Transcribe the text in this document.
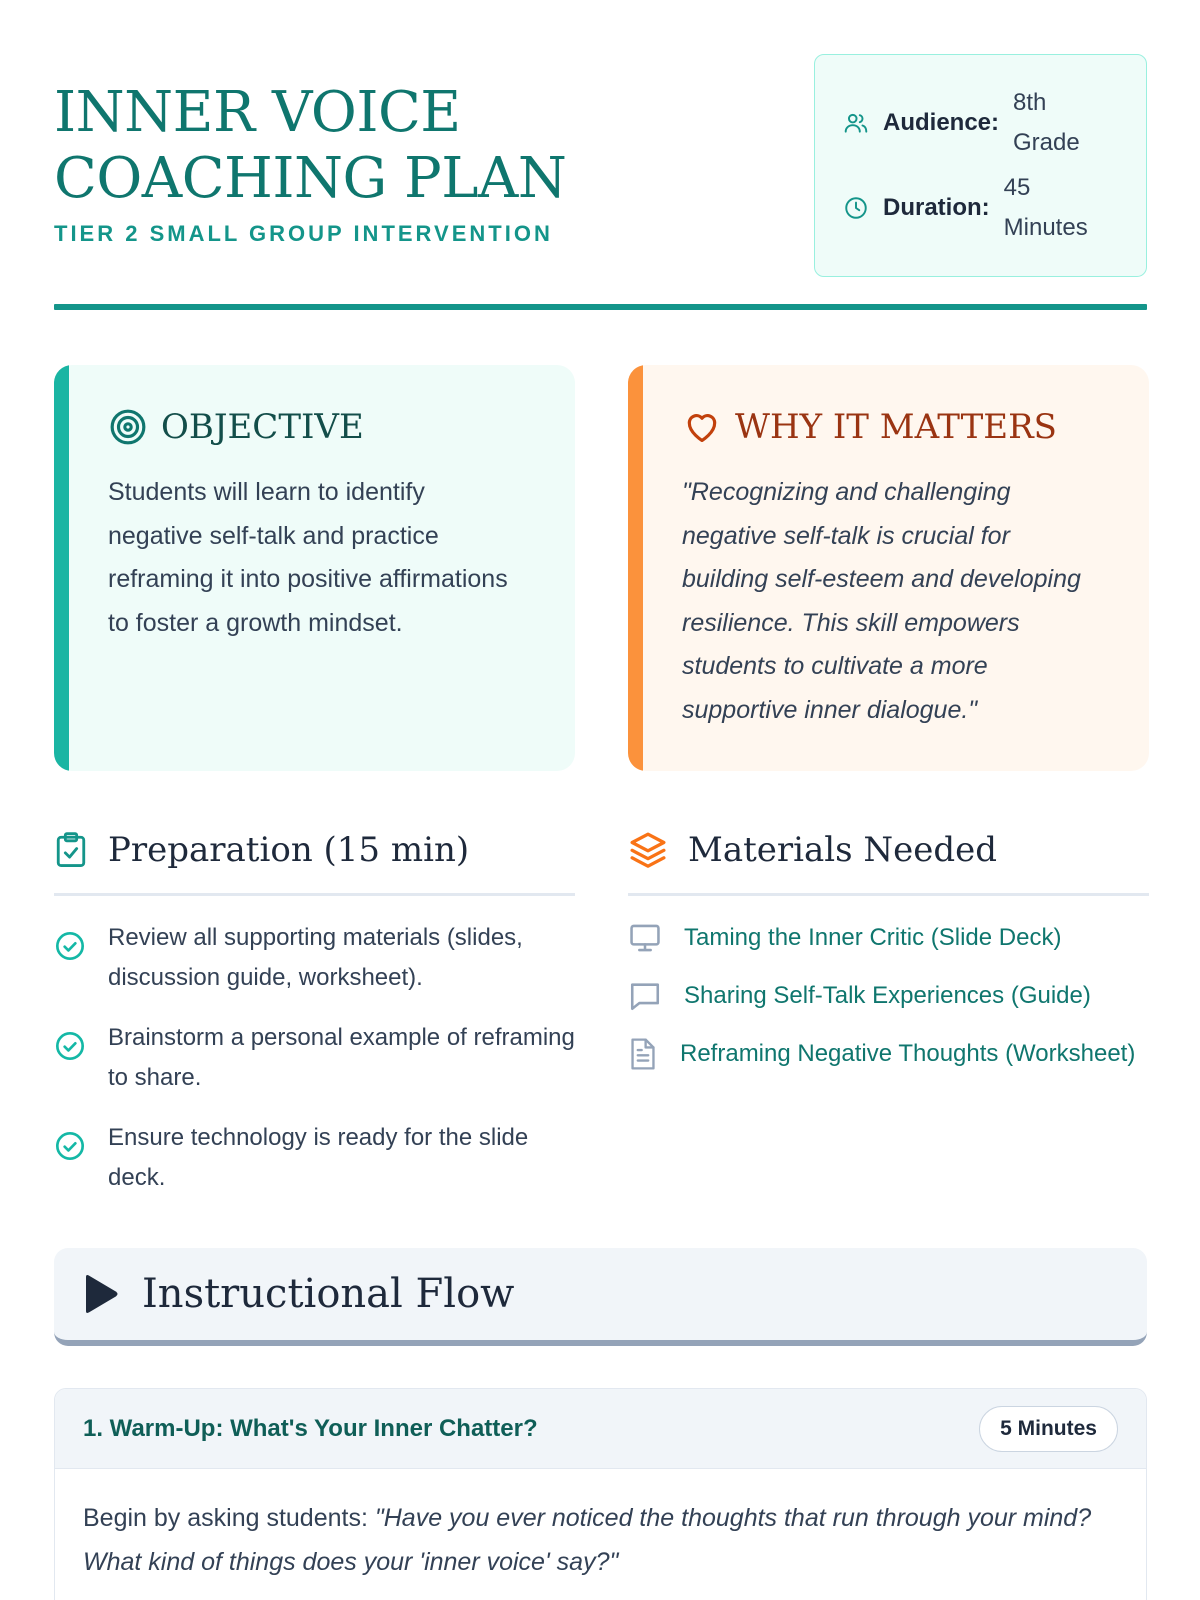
INNER VOICE COACHING PLAN
TIER 2 SMALL GROUP INTERVENTION
Audience:
8th Grade
Duration:
45 Minutes
OBJECTIVE

Students will learn to identify negative self-talk and practice reframing it into positive affirmations to foster a growth mindset.

WHY IT MATTERS

"Recognizing and challenging negative self-talk is crucial for building self-esteem and developing resilience. This skill empowers students to cultivate a more supportive inner dialogue."

Preparation (15 min)
Review all supporting materials (slides, discussion guide, worksheet).
Brainstorm a personal example of reframing to share.
Ensure technology is ready for the slide deck.
Materials Needed
Taming the Inner Critic (Slide Deck)
Sharing Self-Talk Experiences (Guide)
Reframing Negative Thoughts (Worksheet)
Instructional Flow
1. Warm-Up: What's Your Inner Chatter?	5 Minutes
Begin by asking students: "Have you ever noticed the thoughts that run through your mind? What kind of things does your 'inner voice' say?"
